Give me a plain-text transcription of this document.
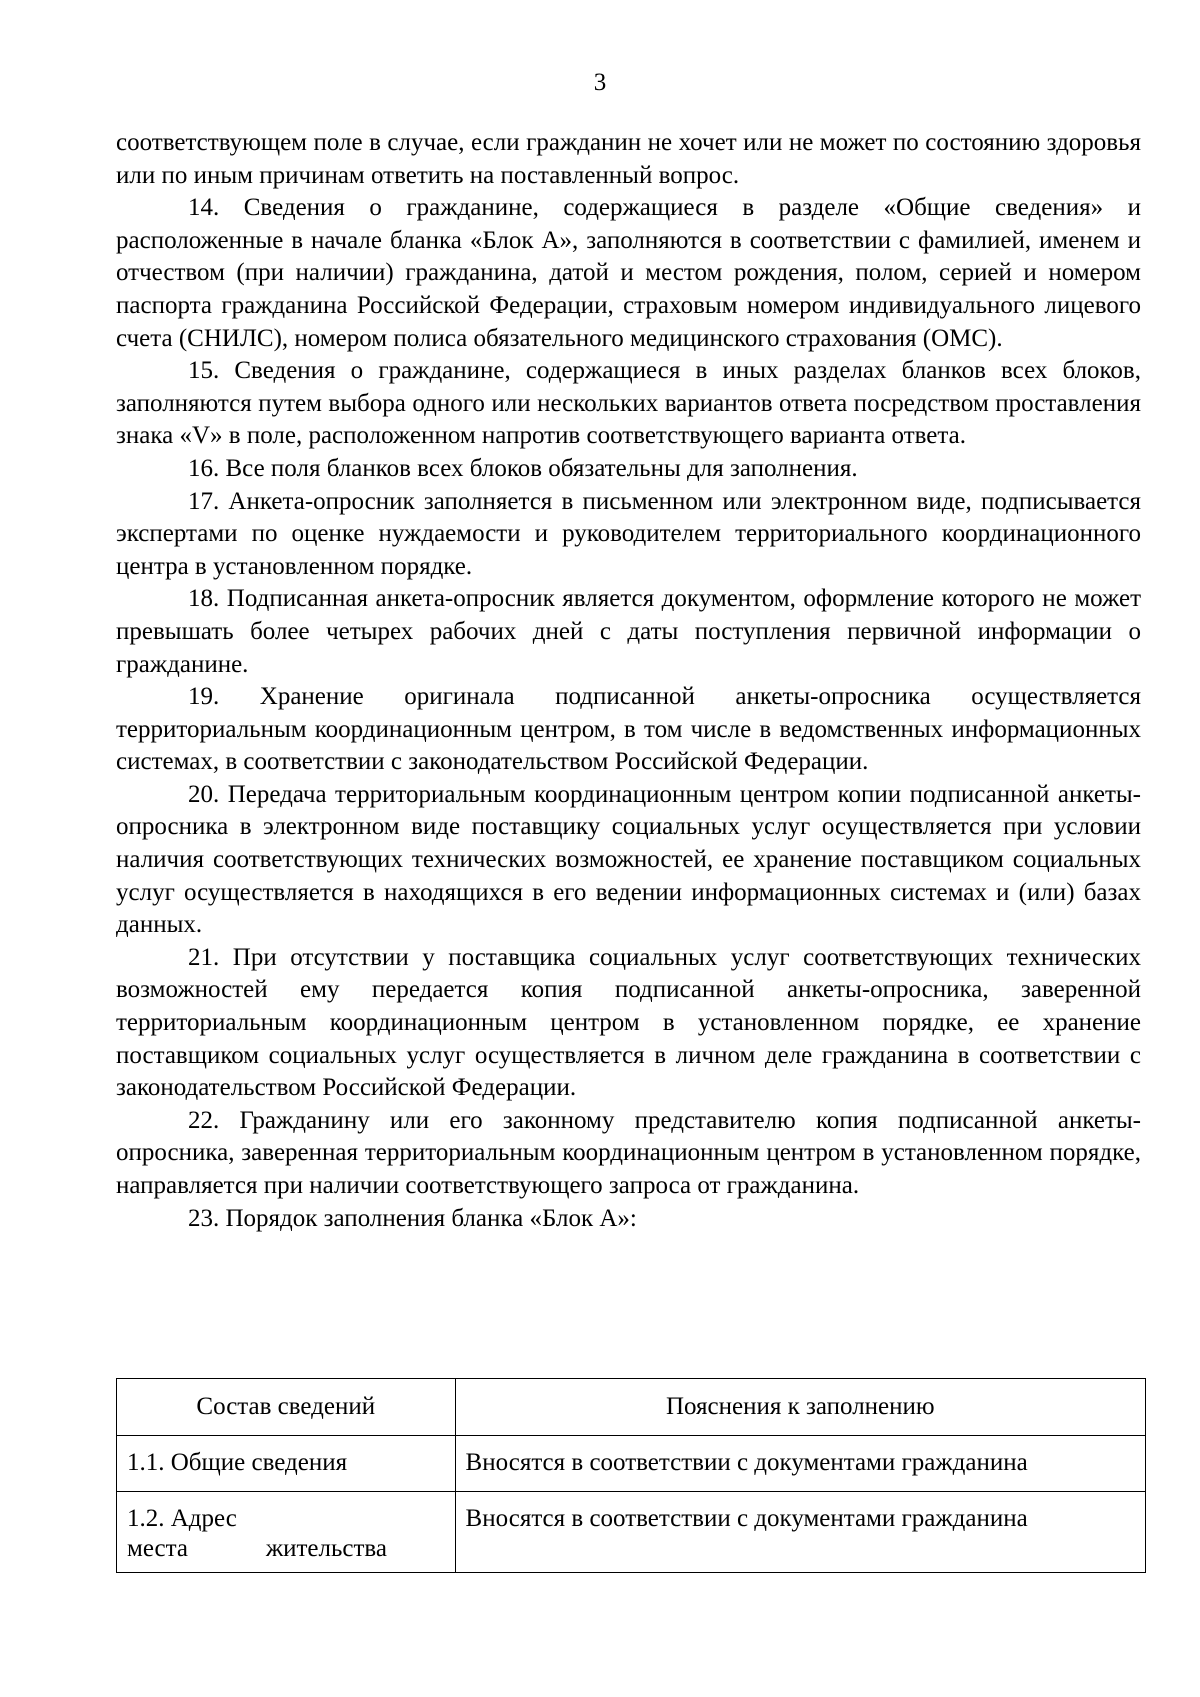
3

соответствующем поле в случае, если гражданин не хочет или не может по состоянию здоровья или по иным причинам ответить на поставленный вопрос.

14. Сведения о гражданине, содержащиеся в разделе «Общие сведения» и расположенные в начале бланка «Блок А», заполняются в соответствии с фамилией, именем и отчеством (при наличии) гражданина, датой и местом рождения, полом, серией и номером паспорта гражданина Российской Федерации, страховым номером индивидуального лицевого счета (СНИЛС), номером полиса обязательного медицинского страхования (ОМС).

15. Сведения о гражданине, содержащиеся в иных разделах бланков всех блоков, заполняются путем выбора одного или нескольких вариантов ответа посредством проставления знака «V» в поле, расположенном напротив соответствующего варианта ответа.

16. Все поля бланков всех блоков обязательны для заполнения.

17. Анкета-опросник заполняется в письменном или электронном виде, подписывается экспертами по оценке нуждаемости и руководителем территориального координационного центра в установленном порядке.

18. Подписанная анкета-опросник является документом, оформление которого не может превышать более четырех рабочих дней с даты поступления первичной информации о гражданине.

19. Хранение оригинала подписанной анкеты-опросника осуществляется территориальным координационным центром, в том числе в ведомственных информационных системах, в соответствии с законодательством Российской Федерации.

20. Передача территориальным координационным центром копии подписанной анкеты-опросника в электронном виде поставщику социальных услуг осуществляется при условии наличия соответствующих технических возможностей, ее хранение поставщиком социальных услуг осуществляется в находящихся в его ведении информационных системах и (или) базах данных.

21. При отсутствии у поставщика социальных услуг соответствующих технических возможностей ему передается копия подписанной анкеты-опросника, заверенной территориальным координационным центром в установленном порядке, ее хранение поставщиком социальных услуг осуществляется в личном деле гражданина в соответствии с законодательством Российской Федерации.

22. Гражданину или его законному представителю копия подписанной анкеты-опросника, заверенная территориальным координационным центром в установленном порядке, направляется при наличии соответствующего запроса от гражданина.

23. Порядок заполнения бланка «Блок А»:

Состав сведений	Пояснения к заполнению

1.1. Общие сведения	Вносятся в соответствии с документами гражданина

1.2. Адрес
места жительства	Вносятся в соответствии с документами гражданина
